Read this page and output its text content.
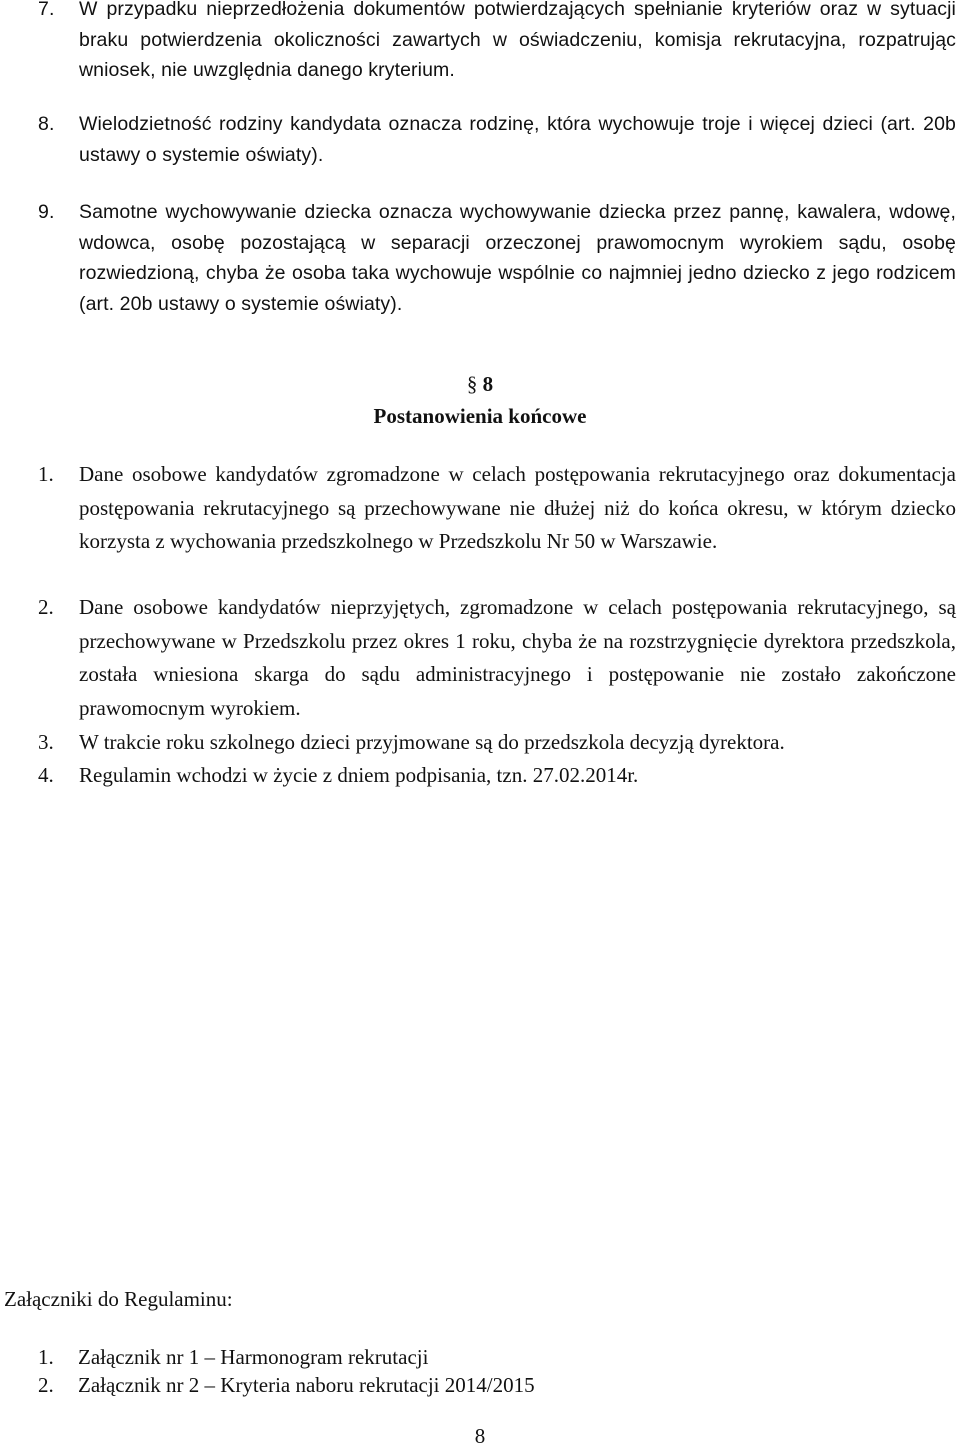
7.	W przypadku nieprzedłożenia dokumentów potwierdzających spełnianie kryteriów oraz w sytuacji braku potwierdzenia okoliczności zawartych w oświadczeniu, komisja rekrutacyjna, rozpatrując wniosek, nie uwzględnia danego kryterium.
8.	Wielodzietność rodziny kandydata oznacza rodzinę, która wychowuje troje i więcej dzieci (art. 20b ustawy o systemie oświaty).
9.	Samotne wychowywanie dziecka oznacza wychowywanie dziecka przez pannę, kawalera, wdowę, wdowca, osobę pozostającą w separacji orzeczonej prawomocnym wyrokiem sądu, osobę rozwiedzioną, chyba że osoba taka wychowuje wspólnie co najmniej jedno dziecko z jego rodzicem (art. 20b ustawy o systemie oświaty).
§ 8
Postanowienia końcowe
1.	Dane osobowe kandydatów zgromadzone w celach postępowania rekrutacyjnego oraz dokumentacja postępowania rekrutacyjnego są przechowywane nie dłużej niż do końca okresu, w którym dziecko korzysta z wychowania przedszkolnego w Przedszkolu Nr 50 w Warszawie.
2.	Dane osobowe kandydatów nieprzyjętych, zgromadzone w celach postępowania rekrutacyjnego, są przechowywane w Przedszkolu przez okres 1 roku, chyba że na rozstrzygnięcie dyrektora przedszkola, została wniesiona skarga do sądu administracyjnego i postępowanie nie zostało zakończone prawomocnym wyrokiem.
3.	W trakcie roku szkolnego dzieci przyjmowane są do przedszkola decyzją dyrektora.
4.	Regulamin wchodzi w życie z dniem podpisania, tzn. 27.02.2014r.
Załączniki do Regulaminu:
1. Załącznik nr 1 – Harmonogram rekrutacji
2. Załącznik nr 2 – Kryteria naboru rekrutacji 2014/2015
8
